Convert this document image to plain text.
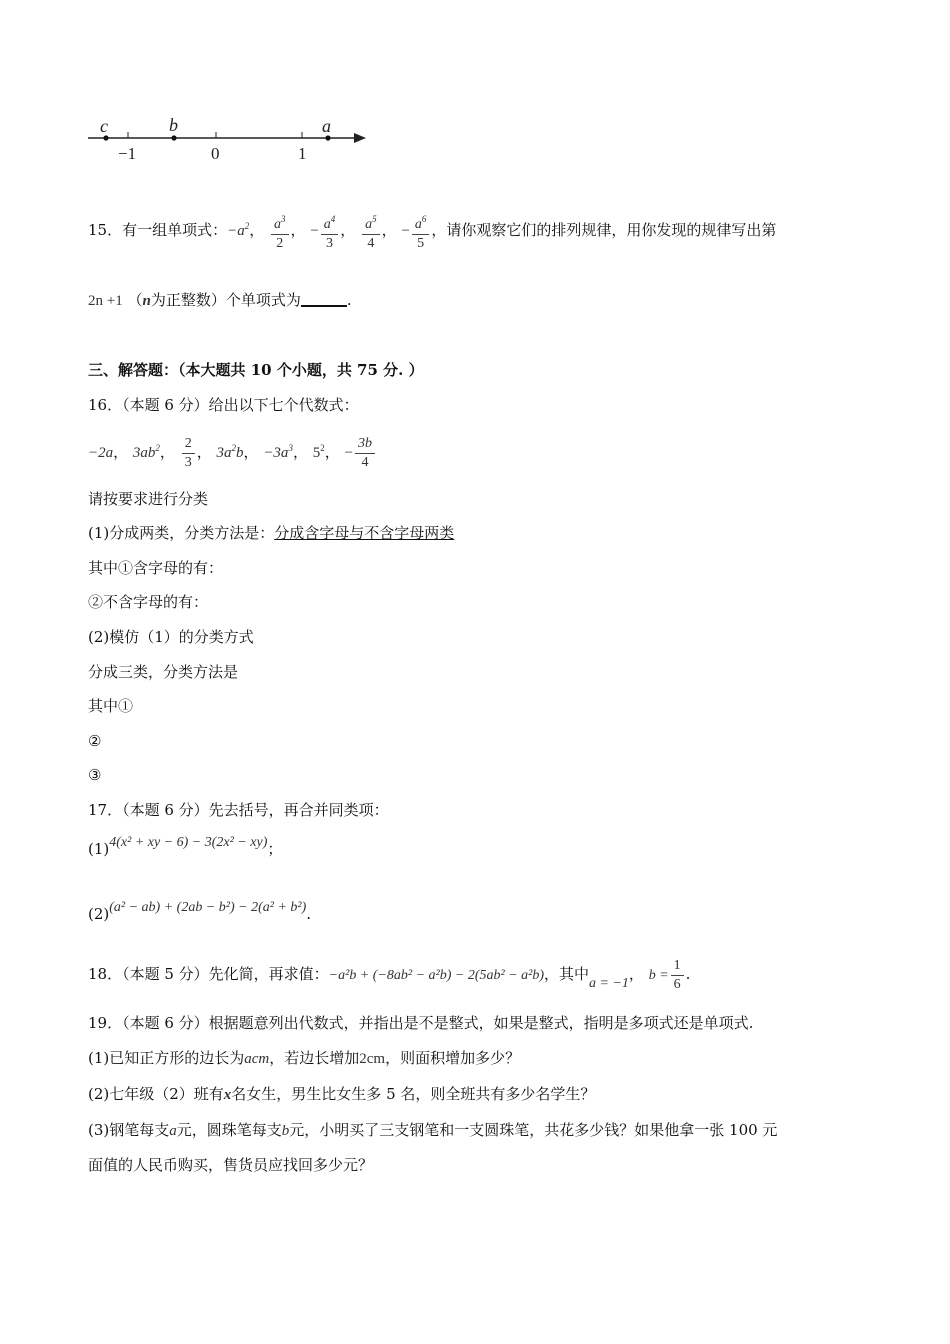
c	b	a
−1	0	1
15．有一组单项式：$-a^2$， $\frac{a^3}{2}$ ， − $\frac{a^4}{3}$ ， $\frac{a^5}{4}$ ， − $\frac{a^6}{5}$ ，请你观察它们的排列规律，用你发现的规律写出第
2n +1 （n为正整数）个单项式为	.
三、解答题：（本大题共 10 个小题，共 75 分. ）
16．（本题 6 分）给出以下七个代数式：
−2a， $3ab^2$， $\frac{2}{3}$ ， $3a^2b$， $-3a^3$， $5^2$， − $\frac{3b}{4}$
请按要求进行分类
(1)分成两类，分类方法是：分成含字母与不含字母两类
其中①含字母的有：
②不含字母的有：
(2)模仿（1）的分类方式
分成三类，分类方法是
其中①
②
③
17．（本题 6 分）先去括号，再合并同类项：
(1)4(x² + xy − 6) − 3(2x² − xy)；
(2)(a² − ab) + (2ab − b²) − 2(a² + b²).
18．（本题 5 分）先化简，再求值：−a²b + (−8ab² − a²b) − 2(5ab² − a²b)，其中a = −1， $b = \frac{1}{6}$ .
19．（本题 6 分）根据题意列出代数式，并指出是不是整式，如果是整式，指明是多项式还是单项式.
(1)已知正方形的边长为acm，若边长增加2cm，则面积增加多少？
(2)七年级（2）班有x名女生，男生比女生多 5 名，则全班共有多少名学生？
(3)钢笔每支a元，圆珠笔每支b元，小明买了三支钢笔和一支圆珠笔，共花多少钱？如果他拿一张 100 元
面值的人民币购买，售货员应找回多少元？
